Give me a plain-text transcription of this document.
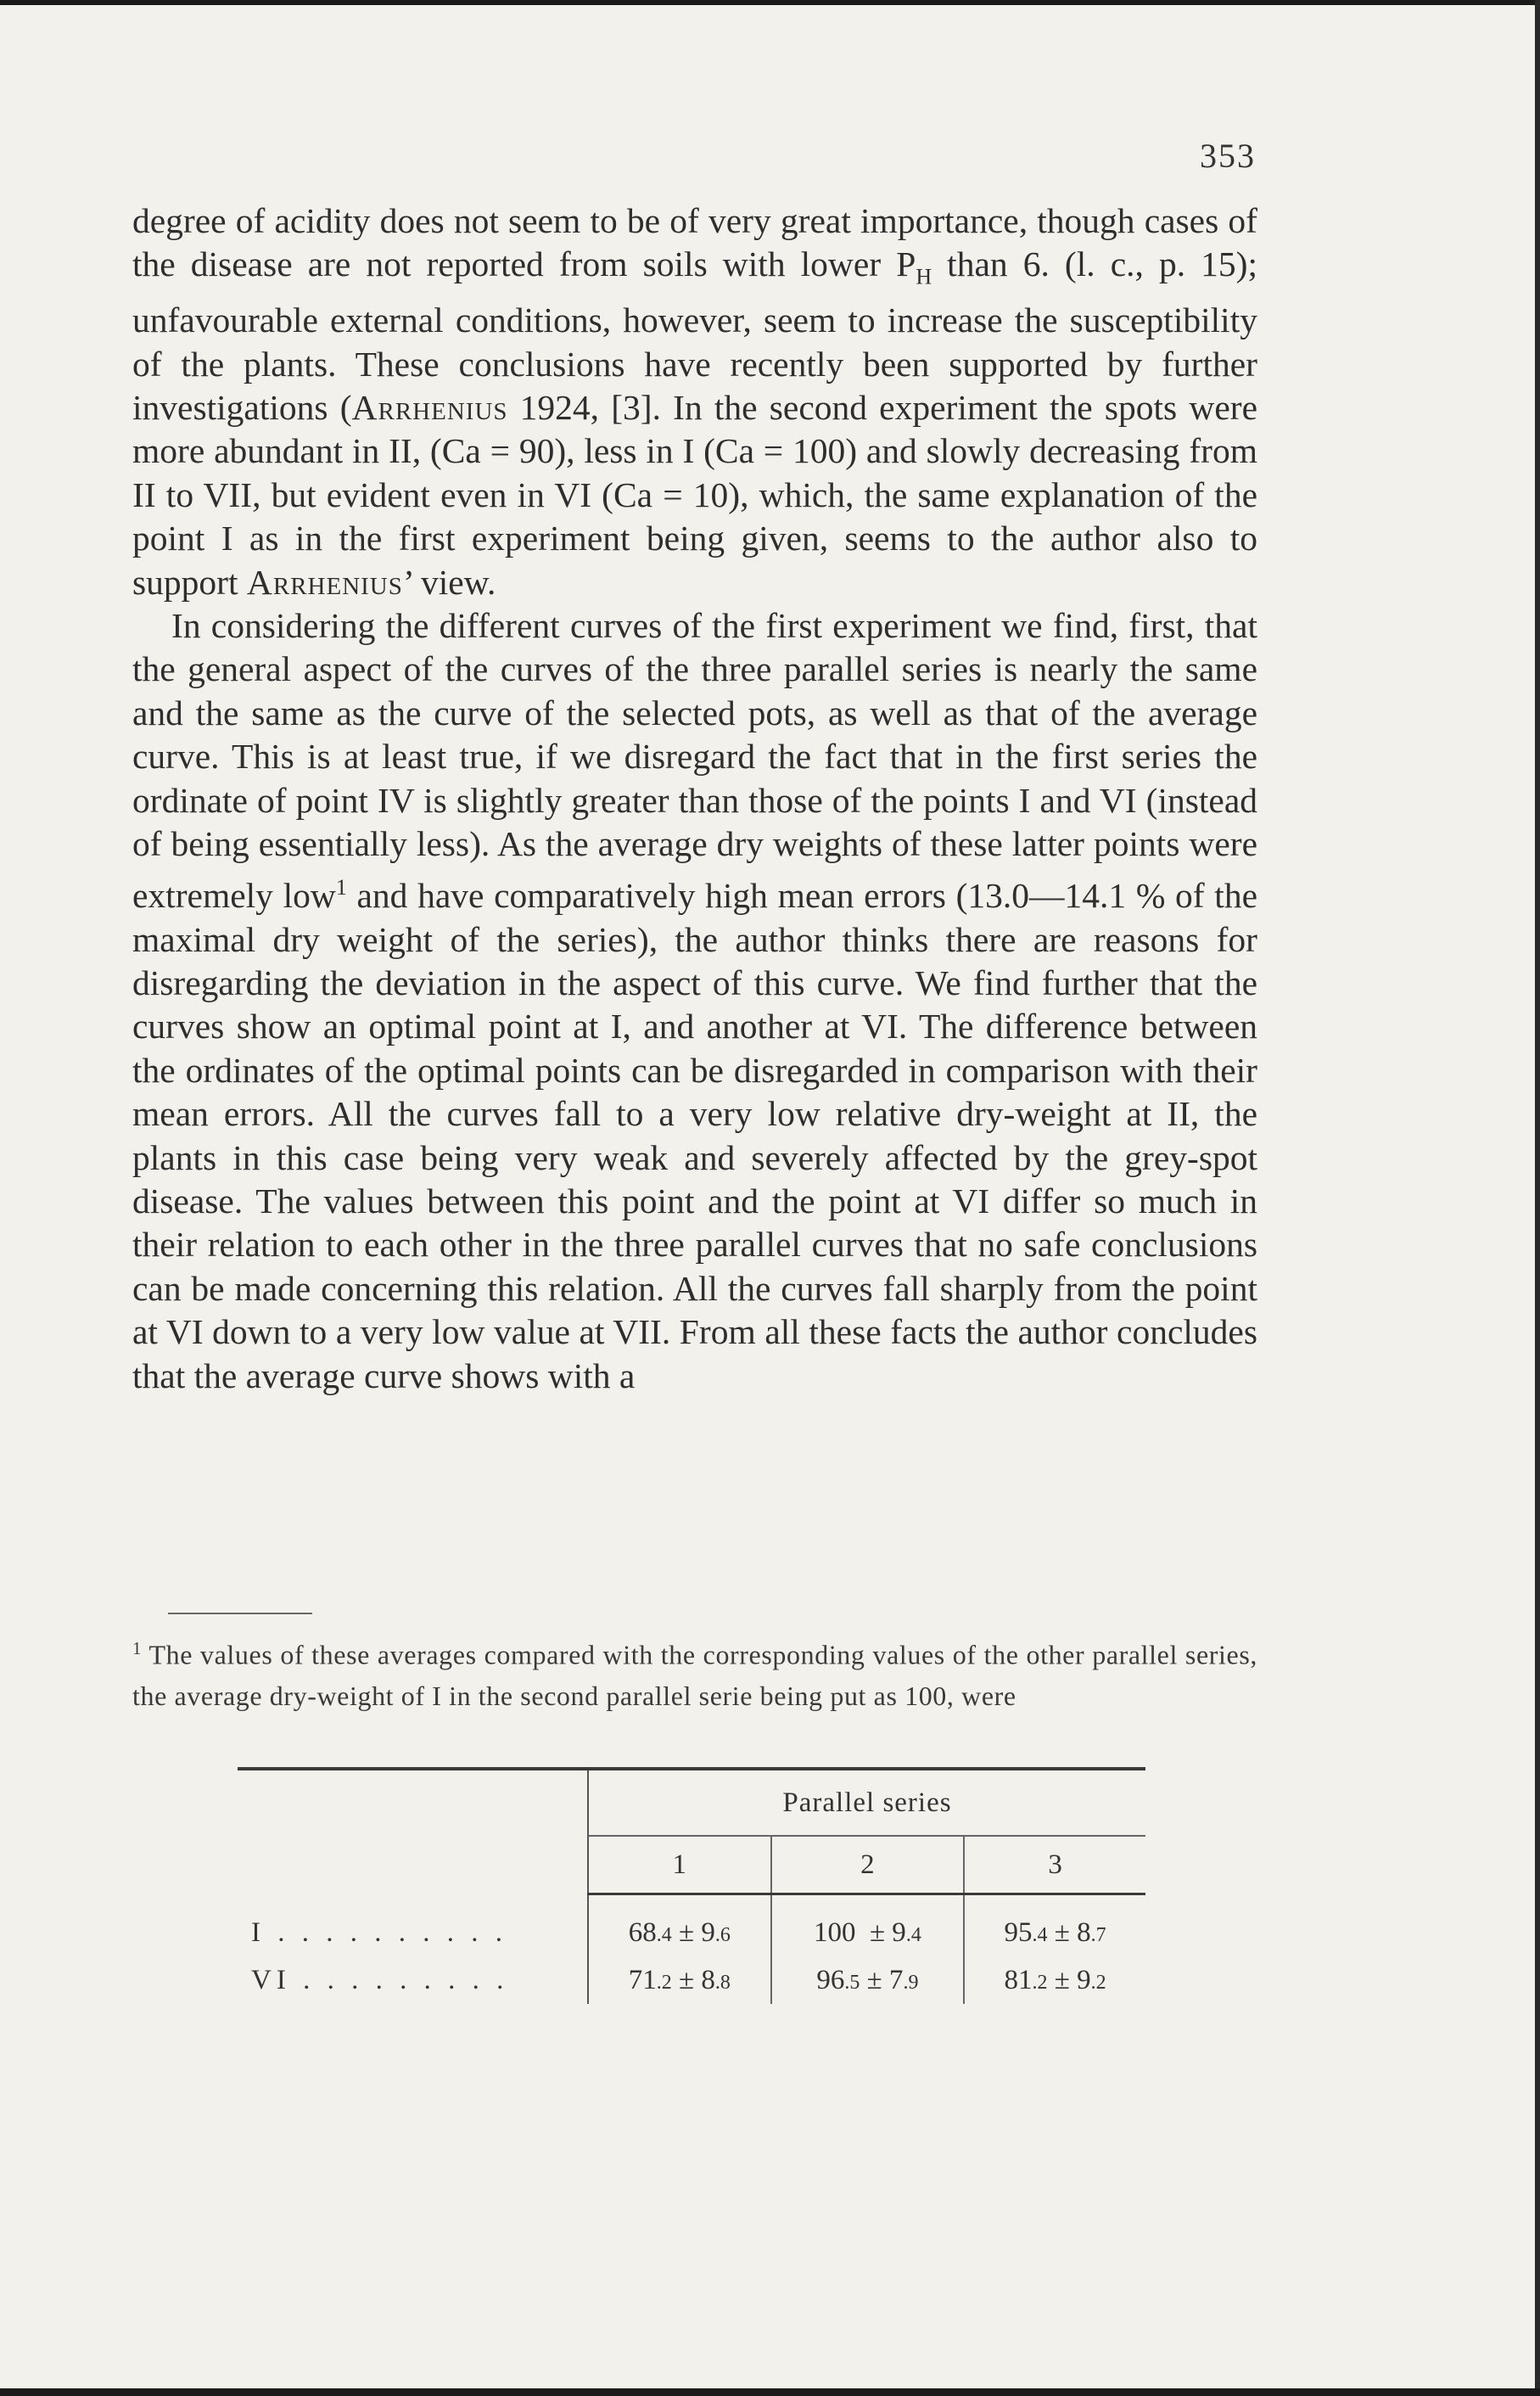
353

degree of acidity does not seem to be of very great importance, though cases of the disease are not reported from soils with lower $P_H$ than 6. (l. c., p. 15); unfavourable external conditions, however, seem to increase the susceptibility of the plants. These conclusions have recently been supported by further investigations (Arrhenius 1924, [3]. In the second experiment the spots were more abundant in II, (Ca = 90), less in I (Ca = 100) and slowly decreasing from II to VII, but evident even in VI (Ca = 10), which, the same explanation of the point I as in the first experiment being given, seems to the author also to support Arrhenius’ view.

In considering the different curves of the first experiment we find, first, that the general aspect of the curves of the three parallel series is nearly the same and the same as the curve of the selected pots, as well as that of the average curve. This is at least true, if we disregard the fact that in the first series the ordinate of point IV is slightly greater than those of the points I and VI (instead of being essentially less). As the average dry weights of these latter points were extremely low$^1$ and have comparatively high mean errors (13.0—14.1 % of the maximal dry weight of the series), the author thinks there are reasons for disregarding the deviation in the aspect of this curve. We find further that the curves show an optimal point at I, and another at VI. The difference between the ordinates of the optimal points can be disregarded in comparison with their mean errors. All the curves fall to a very low relative dry-weight at II, the plants in this case being very weak and severely affected by the grey-spot disease. The values between this point and the point at VI differ so much in their relation to each other in the three parallel curves that no safe conclusions can be made concerning this relation. All the curves fall sharply from the point at VI down to a very low value at VII. From all these facts the author concludes that the average curve shows with a

$^1$ The values of these averages compared with the corresponding values of the other parallel series, the average dry-weight of I in the second parallel serie being put as 100, were
	Parallel series		
	1	2	3

I . . . . . . . . . .	68.4 ± 9.6	100  ± 9.4	95.4 ± 8.7
VI . . . . . . . . .	71.2 ± 8.8	96.5 ± 7.9	81.2 ± 9.2
